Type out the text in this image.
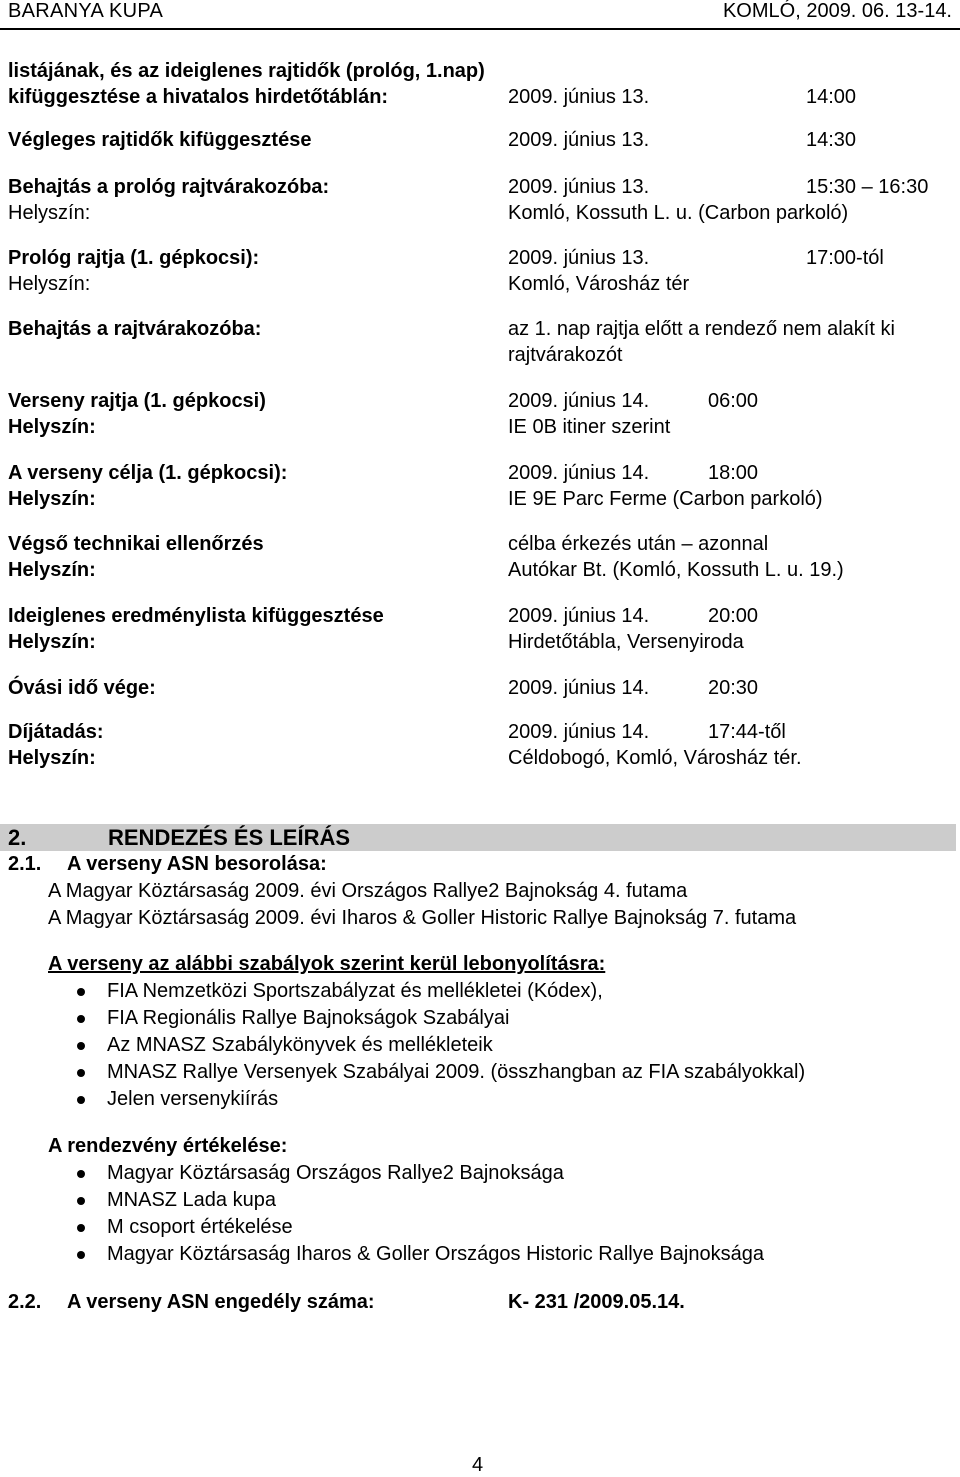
BARANYA KUPA	KOMLÓ, 2009. 06. 13-14.
listájának, és az ideiglenes rajtidők (prológ, 1.nap)
kifüggesztése a hivatalos hirdetőtáblán:	2009. június 13.	14:00
Végleges rajtidők kifüggesztése	2009. június 13.	14:30
Behajtás a prológ rajtvárakozóba:	2009. június 13.	15:30 – 16:30
Helyszín:	Komló, Kossuth L. u. (Carbon parkoló)
Prológ rajtja (1. gépkocsi):	2009. június 13.	17:00-tól
Helyszín:	Komló, Városház tér
Behajtás a rajtvárakozóba:	az 1. nap rajtja előtt a rendező nem alakít ki
rajtvárakozót
Verseny rajtja (1. gépkocsi)	2009. június 14.	06:00
Helyszín:	IE 0B itiner szerint
A verseny célja (1. gépkocsi):	2009. június 14.	18:00
Helyszín:	IE 9E Parc Ferme (Carbon parkoló)
Végső technikai ellenőrzés	célba érkezés után – azonnal
Helyszín:	Autókar Bt. (Komló, Kossuth L. u. 19.)
Ideiglenes eredménylista kifüggesztése	2009. június 14.	20:00
Helyszín:	Hirdetőtábla, Versenyiroda
Óvási idő vége:	2009. június 14.	20:30
Díjátadás:	2009. június 14.	17:44-től
Helyszín:	Céldobogó, Komló, Városház tér.
2.	RENDEZÉS ÉS LEÍRÁS
2.1. A verseny ASN besorolása:
A Magyar Köztársaság 2009. évi Országos Rallye2 Bajnokság 4. futama
A Magyar Köztársaság 2009. évi Iharos & Goller Historic Rallye Bajnokság 7. futama
A verseny az alábbi szabályok szerint kerül lebonyolításra:
FIA Nemzetközi Sportszabályzat és mellékletei (Kódex),
FIA Regionális Rallye Bajnokságok Szabályai
Az MNASZ Szabálykönyvek és mellékleteik
MNASZ Rallye Versenyek Szabályai 2009. (összhangban az FIA szabályokkal)
Jelen versenykiírás
A rendezvény értékelése:
Magyar Köztársaság Országos Rallye2 Bajnoksága
MNASZ Lada kupa
M csoport értékelése
Magyar Köztársaság Iharos & Goller Országos Historic Rallye Bajnoksága
2.2. A verseny ASN engedély száma:	K- 231 /2009.05.14.
4
